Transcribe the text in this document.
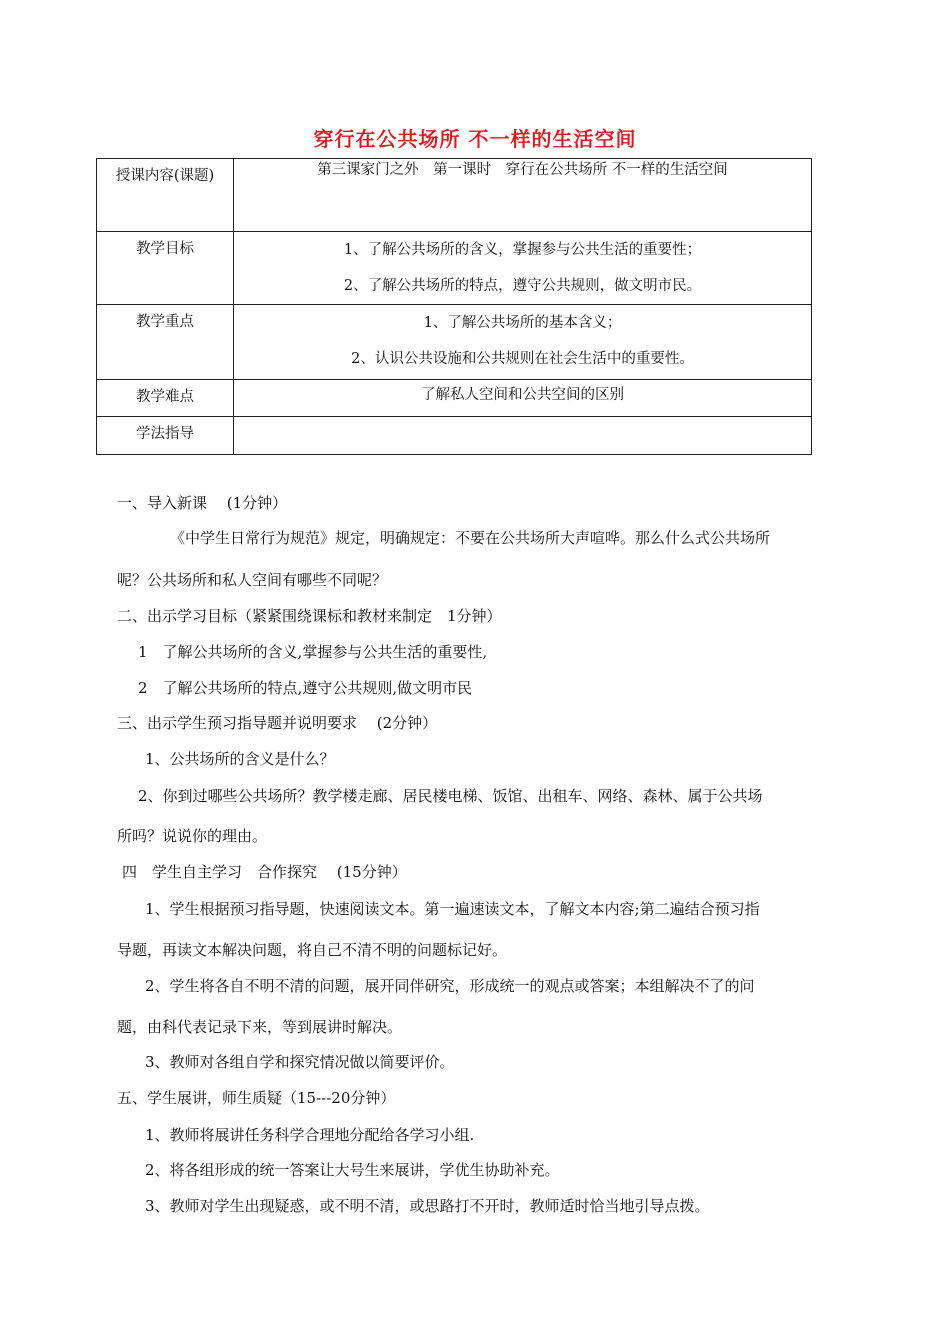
穿行在公共场所 不一样的生活空间
授课内容(课题)	第三课家门之外　第一课时　穿行在公共场所 不一样的生活空间

教学目标	1、了解公共场所的含义，掌握参与公共生活的重要性；
2、了解公共场所的特点，遵守公共规则，做文明市民。

教学重点	1、了解公共场所的基本含义；
2、认识公共设施和公共规则在社会生活中的重要性。

教学难点	了解私人空间和公共空间的区别

学法指导	
一、导入新课　 (1分钟）
《中学生日常行为规范》规定，明确规定：不要在公共场所大声喧哗。那么什么式公共场所
呢？公共场所和私人空间有哪些不同呢？
二、出示学习目标（紧紧围绕课标和教材来制定　1分钟）
1　了解公共场所的含义,掌握参与公共生活的重要性,
2　了解公共场所的特点,遵守公共规则,做文明市民
三、出示学生预习指导题并说明要求　 (2分钟）
1、公共场所的含义是什么？
2、你到过哪些公共场所？教学楼走廊、居民楼电梯、饭馆、出租车、网络、森林、属于公共场
所吗？说说你的理由。
四　学生自主学习　合作探究　 (15分钟）
1、学生根据预习指导题，快速阅读文本。第一遍速读文本，了解文本内容;第二遍结合预习指
导题，再读文本解决问题，将自己不清不明的问题标记好。
2、学生将各自不明不清的问题，展开同伴研究，形成统一的观点或答案；本组解决不了的问
题，由科代表记录下来，等到展讲时解决。
3、教师对各组自学和探究情况做以简要评价。
五、学生展讲，师生质疑（15---20分钟）
1、教师将展讲任务科学合理地分配给各学习小组.
2、将各组形成的统一答案让大号生来展讲，学优生协助补充。
3、教师对学生出现疑惑，或不明不清，或思路打不开时，教师适时恰当地引导点拨。
